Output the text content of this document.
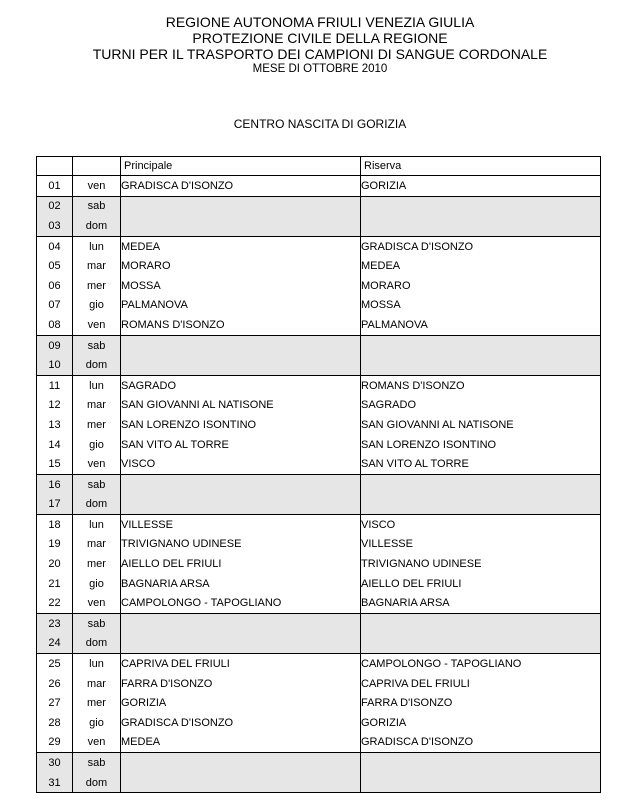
REGIONE AUTONOMA FRIULI VENEZIA GIULIA
PROTEZIONE CIVILE DELLA REGIONE
TURNI PER IL TRASPORTO DEI CAMPIONI DI SANGUE CORDONALE
MESE DI OTTOBRE 2010
CENTRO NASCITA DI GORIZIA
		Principale	Riserva
01	ven	GRADISCA D'ISONZO	GORIZIA
02	sab		
03	dom		
04	lun	MEDEA	GRADISCA D'ISONZO
05	mar	MORARO	MEDEA
06	mer	MOSSA	MORARO
07	gio	PALMANOVA	MOSSA
08	ven	ROMANS D'ISONZO	PALMANOVA
09	sab		
10	dom		
11	lun	SAGRADO	ROMANS D'ISONZO
12	mar	SAN GIOVANNI AL NATISONE	SAGRADO
13	mer	SAN LORENZO ISONTINO	SAN GIOVANNI AL NATISONE
14	gio	SAN VITO AL TORRE	SAN LORENZO ISONTINO
15	ven	VISCO	SAN VITO AL TORRE
16	sab		
17	dom		
18	lun	VILLESSE	VISCO
19	mar	TRIVIGNANO UDINESE	VILLESSE
20	mer	AIELLO DEL FRIULI	TRIVIGNANO UDINESE
21	gio	BAGNARIA ARSA	AIELLO DEL FRIULI
22	ven	CAMPOLONGO - TAPOGLIANO	BAGNARIA ARSA
23	sab		
24	dom		
25	lun	CAPRIVA DEL FRIULI	CAMPOLONGO - TAPOGLIANO
26	mar	FARRA D'ISONZO	CAPRIVA DEL FRIULI
27	mer	GORIZIA	FARRA D'ISONZO
28	gio	GRADISCA D'ISONZO	GORIZIA
29	ven	MEDEA	GRADISCA D'ISONZO
30	sab		
31	dom		
